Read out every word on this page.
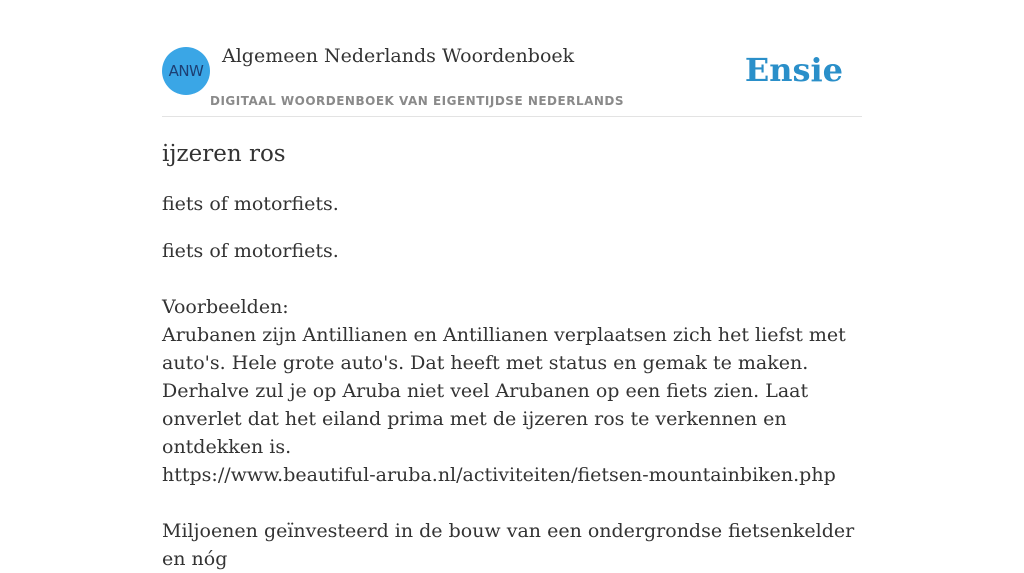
ANW
Algemeen Nederlands Woordenboek
DIGITAAL WOORDENBOEK VAN EIGENTIJDSE NEDERLANDS
Ensie
ijzeren ros

fiets of motorfiets.

fiets of motorfiets.

Voorbeelden:

Arubanen zijn Antillianen en Antillianen verplaatsen zich het liefst met auto's. Hele grote auto's. Dat heeft met status en gemak te maken. Derhalve zul je op Aruba niet veel Arubanen op een fiets zien. Laat onverlet dat het eiland prima met de ijzeren ros te verkennen en ontdekken is.
https://www.beautiful-aruba.nl/activiteiten/fietsen-mountainbiken.php
Miljoenen geïnvesteerd in de bouw van een ondergrondse fietsenkelder en nóg
